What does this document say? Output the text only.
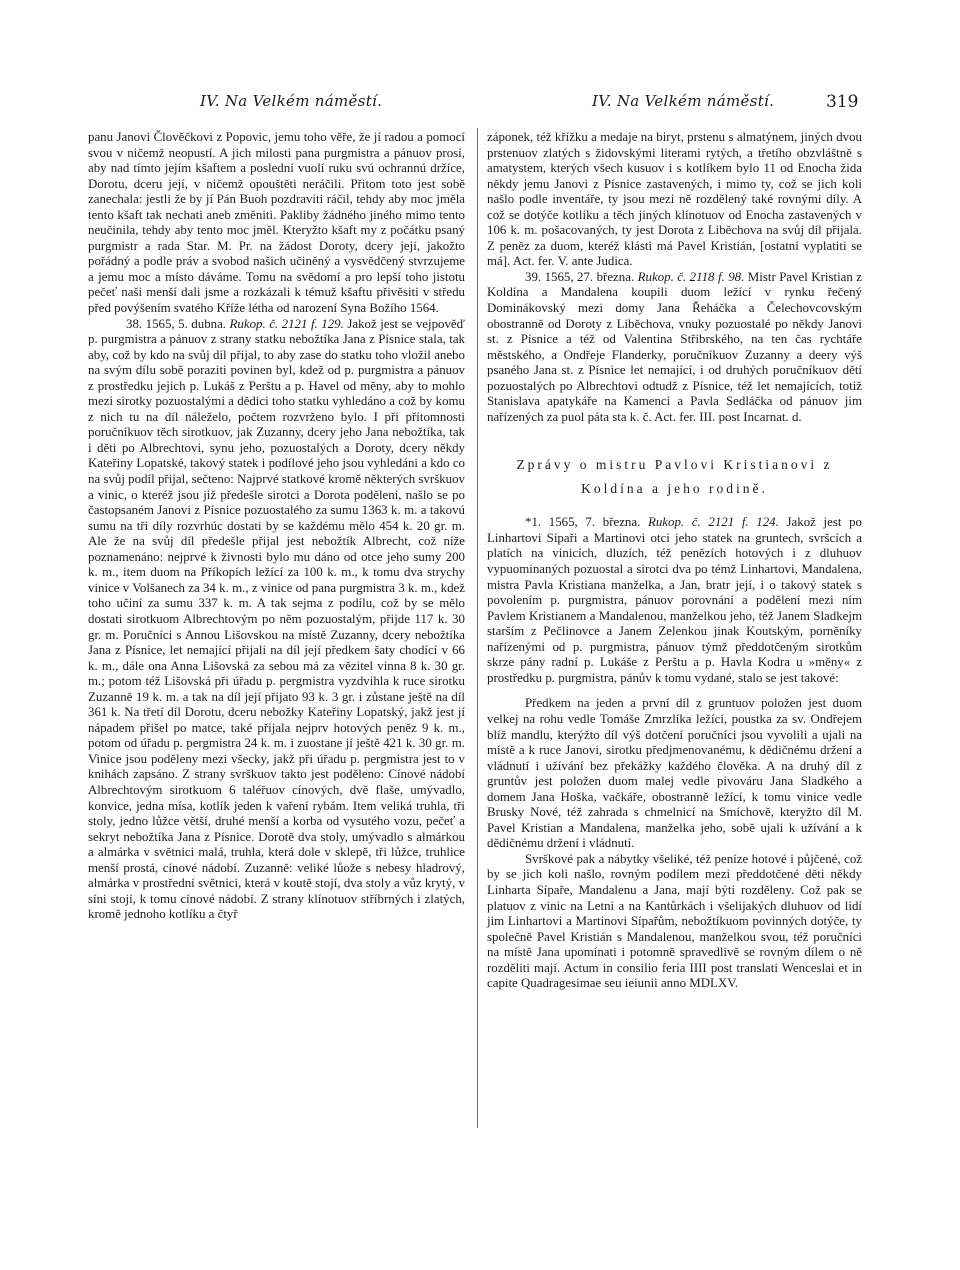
IV. Na Velkém náměstí.	IV. Na Velkém náměstí.	319

panu Janovi Člověčkovi z Popovic, jemu toho věře, že jí radou a pomocí svou v ničemž neopustí. A jich milosti pana purgmistra a pánuov prosí, aby nad tímto jejím kšaftem a poslední vuolí ruku svú ochrannú držíce, Dorotu, dceru její, v ničemž opouštěti neráčili. Přitom toto jest sobě zanechala: jestli že by jí Pán Buoh pozdraviti ráčil, tehdy aby moc jměla tento kšaft tak nechati aneb změniti. Pakliby žádného jiného mimo tento neučinila, tehdy aby tento moc jměl. Kteryžto kšaft my z počátku psaný purgmistr a rada Star. M. Pr. na žádost Doroty, dcery její, jakožto pořádný a podle práv a svobod našich učiněný a vysvědčený stvrzujeme a jemu moc a místo dáváme. Tomu na svědomí a pro lepší toho jistotu pečeť naši menší dali jsme a rozkázali k témuž kšaftu přivěsiti v středu před povýšením svatého Kříže létha od narození Syna Božího 1564.

38. 1565, 5. dubna. Rukop. č. 2121 f. 129. Jakož jest se vejpověď p. purgmistra a pánuov z strany statku nebožtíka Jana z Písnice stala, tak aby, což by kdo na svůj díl přijal, to aby zase do statku toho vložil anebo na svým dílu sobě poraziti povinen byl, kdež od p. purgmistra a pánuov z prostředku jejich p. Lukáš z Perštu a p. Havel od měny, aby to mohlo mezi sirotky pozuostalými a dědici toho statku vyhledáno a což by komu z nich tu na díl náleželo, počtem rozvrženo bylo. I při přítomnosti poručníkuov těch sirotkuov, jak Zuzanny, dcery jeho Jana nebožtíka, tak i děti po Albrechtovi, synu jeho, pozuostalých a Doroty, dcery někdy Kateřiny Lopatské, takový statek i podílové jeho jsou vyhledáni a kdo co na svůj podíl přijal, sečteno: Najprvé statkové kromě některých svrškuov a vinic, o kteréž jsou již předešle sirotci a Dorota poděleni, našlo se po častopsaném Janovi z Písnice pozuostalého za sumu 1363 k. m. a takovú sumu na tři díly rozvrhúc dostati by se každému mělo 454 k. 20 gr. m. Ale že na svůj díl předešle přijal jest nebožtík Albrecht, což níže poznamenáno: nejprvé k živnosti bylo mu dáno od otce jeho sumy 200 k. m., item duom na Příkopích ležící za 100 k. m., k tomu dva strychy vinice v Volšanech za 34 k. m., z vinice od pana purgmistra 3 k. m., kdež toho učiní za sumu 337 k. m. A tak sejma z podílu, což by se mělo dostati sirotkuom Albrechtovým po něm pozuostalým, přijde 117 k. 30 gr. m. Poručníci s Annou Lišovskou na místě Zuzanny, dcery nebožtíka Jana z Písnice, let nemající přijali na díl její předkem šaty chodící v 66 k. m., dále ona Anna Lišovská za sebou má za vězitel vinna 8 k. 30 gr. m.; potom též Lišovská při úřadu p. pergmistra vyzdvihla k ruce sirotku Zuzanně 19 k. m. a tak na díl její přijato 93 k. 3 gr. i zůstane ještě na díl 361 k. Na třetí díl Dorotu, dceru nebožky Kateřiny Lopatský, jakž jest jí nápadem přišel po matce, také přijala nejprv hotových peněz 9 k. m., potom od úřadu p. pergmistra 24 k. m. i zuostane jí ještě 421 k. 30 gr. m. Vinice jsou poděleny mezi všecky, jakž při úřadu p. pergmistra jest to v knihách zapsáno. Z strany svrškuov takto jest poděleno: Cínové nádobí Albrechtovým sirotkuom 6 taléřuov cínových, dvě flaše, umývadlo, konvice, jedna mísa, kotlík jeden k vaření rybám. Item veliká truhla, tři stoly, jedno lůžce větší, druhé menší a korba od vysutého vozu, pečeť a sekryt nebožtíka Jana z Písnice. Dorotě dva stoly, umývadlo s almárkou a almárka v světnici malá, truhla, která dole v sklepě, tři lůžce, truhlice menší prostá, cínové nádobí. Zuzanně: veliké lůože s nebesy hladrový, almárka v prostřední světnici, která v koutě stojí, dva stoly a vůz krytý, v síni stojí, k tomu cínové nádobí. Z strany klínotuov stříbrných i zlatých, kromě jednoho kotlíku a čtyř

záponek, též křížku a medaje na biryt, prstenu s almatýnem, jiných dvou prstenuov zlatých s židovskými literami rytých, a třetího obzvláštně s amatystem, kterých všech kusuov i s kotlíkem bylo 11 od Enocha žida někdy jemu Janovi z Písnice zastavených, i mimo ty, což se jich koli našlo podle inventáře, ty jsou mezi ně rozdělený také rovnými díly. A což se dotýče kotlíku a těch jiných klínotuov od Enocha zastavených v 106 k. m. pošacovaných, ty jest Dorota z Liběchova na svůj díl přijala. Z peněz za duom, kteréž klásti má Pavel Kristián, [ostatní vyplatiti se má]. Act. fer. V. ante Judica.

39. 1565, 27. března. Rukop. č. 2118 f. 98. Mistr Pavel Kristian z Koldína a Mandalena koupili duom ležící v rynku řečený Dominákovský mezi domy Jana Řeháčka a Čelechovcovským obostranně od Doroty z Liběchova, vnuky pozuostalé po někdy Janovi st. z Písnice a též od Valentina Střibrského, na ten čas rychtáře městského, a Ondřeje Flanderky, poručníkuov Zuzanny a deery výš psaného Jana st. z Písnice let nemající, i od druhých poručníkuov dětí pozuostalých po Albrechtovi odtudž z Písnice, též let nemajících, totiž Stanislava apatykáře na Kamenci a Pavla Sedláčka od pánuov jim nařízených za puol páta sta k. č. Act. fer. III. post Incarnat. d.

Zprávy o mistru Pavlovi Kristianovi z Koldína a jeho rodině.

*1. 1565, 7. března. Rukop. č. 2121 f. 124. Jakož jest po Linhartovi Sípaři a Martinovi otci jeho statek na gruntech, svršcích a platích na vinicích, dluzích, též penězích hotových i z dluhuov vypuominaných pozuostal a sirotci dva po témž Linhartovi, Mandalena, mistra Pavla Kristiana manželka, a Jan, bratr její, i o takový statek s povolením p. purgmistra, pánuov porovnání a podělení mezi ním Pavlem Kristianem a Mandalenou, manželkou jeho, též Janem Sladkejm starším z Pečlinovce a Janem Zelenkou jinak Koutským, porněníky nařízenými od p. purgmistra, pánuov týmž předdotčeným sirotkům skrze pány radní p. Lukáše z Perštu a p. Havla Kodra u »měny« z prostředku p. purgmistra, pánův k tomu vydané, stalo se jest takové:

Předkem na jeden a první díl z gruntuov položen jest duom velkej na rohu vedle Tomáše Zmrzlíka ležící, poustka za sv. Ondřejem blíž mandlu, kterýžto díl výš dotčení poručníci jsou vyvolili a ujali na místě a k ruce Janovi, sirotku předjmenovanému, k dědičnému držení a vládnutí i užívání bez překážky každého člověka. A na druhý díl z gruntův jest položen duom malej vedle pivováru Jana Sladkého a domem Jana Hoška, vačkáře, obostranně ležící, k tomu vinice vedle Brusky Nové, též zahrada s chmelnicí na Smíchově, kteryžto díl M. Pavel Kristian a Mandalena, manželka jeho, sobě ujali k užívání a k dědičnému držení i vládnutí.

Svrškové pak a nábytky všeliké, též peníze hotové i půjčené, což by se jich koli našlo, rovným podílem mezi předdotčené děti někdy Linharta Sípaře, Mandalenu a Jana, mají býti rozděleny. Což pak se platuov z vinic na Letni a na Kantůrkách i všelijakých dluhuov od lidí jim Linhartovi a Martinovi Sípařům, nebožtíkuom povinných dotýče, ty společně Pavel Kristián s Mandalenou, manželkou svou, též poručníci na místě Jana upomínati i potomně spravedlivě se rovným dílem o ně rozděliti mají. Actum in consilio feria IIII post translati Wenceslai et in capite Quadragesimae seu ieiunii anno MDLXV.
